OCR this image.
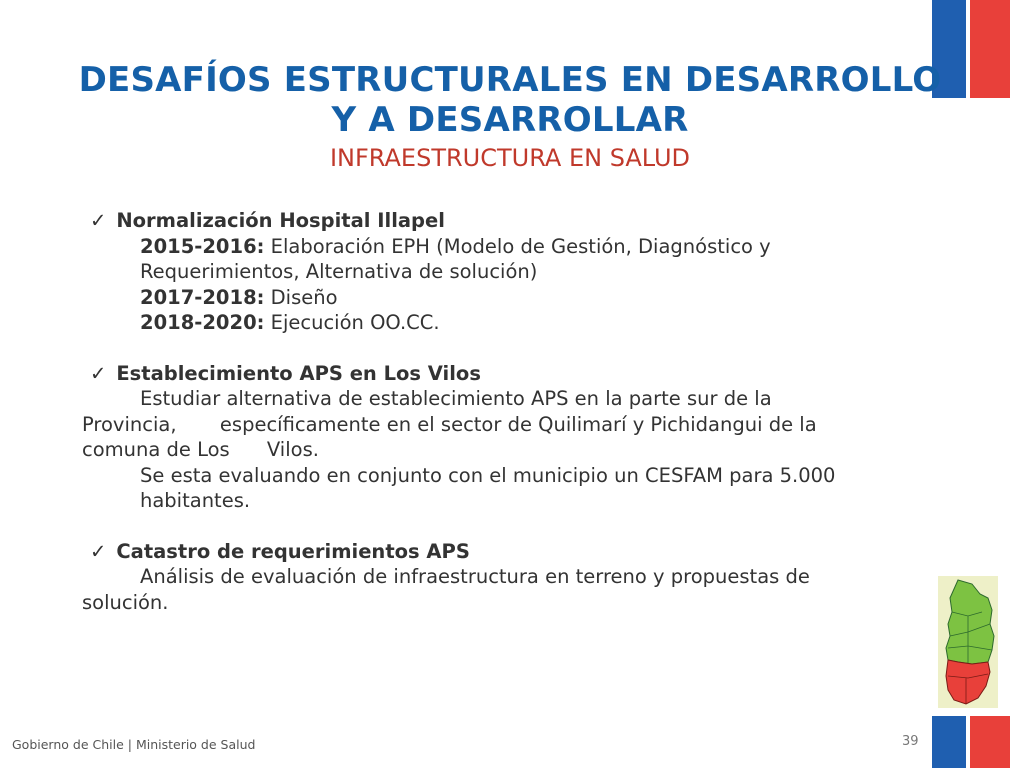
DESAFÍOS ESTRUCTURALES EN DESARROLLO
Y A DESARROLLAR
INFRAESTRUCTURA EN SALUD
✓ Normalización Hospital Illapel
2015-2016: Elaboración EPH (Modelo de Gestión, Diagnóstico y
Requerimientos, Alternativa de solución)
2017-2018: Diseño
2018-2020: Ejecución OO.CC.
✓ Establecimiento APS en Los Vilos
Estudiar alternativa de establecimiento APS en la parte sur de la
Provincia,       específicamente en el sector de Quilimarí y Pichidangui de la
comuna de Los      Vilos.
Se esta evaluando en conjunto con el municipio un CESFAM para 5.000
habitantes.
✓ Catastro de requerimientos APS
Análisis de evaluación de infraestructura en terreno y propuestas de
solución.
Gobierno de Chile | Ministerio de Salud	39
